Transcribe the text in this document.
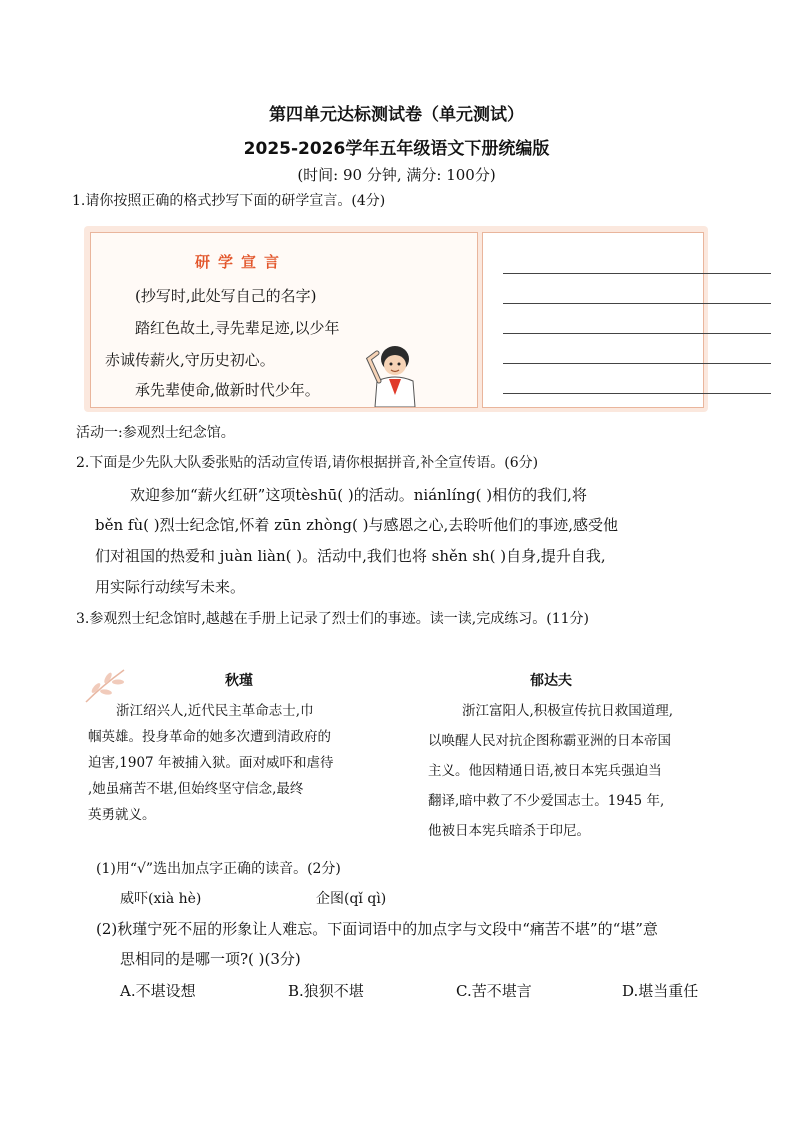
第四单元达标测试卷（单元测试）
2025-2026学年五年级语文下册统编版
(时间: 90 分钟, 满分: 100分)
1.请你按照正确的格式抄写下面的研学宣言。(4分)
研学宣言
(抄写时,此处写自己的名字)
踏红色故土,寻先辈足迹,以少年
赤诚传薪火,守历史初心。
承先辈使命,做新时代少年。
活动一:参观烈士纪念馆。
2.下面是少先队大队委张贴的活动宣传语,请你根据拼音,补全宣传语。(6分)
欢迎参加“薪火红研”这项tèshū( )的活动。niánlíng( )相仿的我们,将
běn fù( )烈士纪念馆,怀着 zūn zhòng( )与感恩之心,去聆听他们的事迹,感受他
们对祖国的热爱和 juàn liàn( )。活动中,我们也将 shěn sh( )自身,提升自我,
用实际行动续写未来。
3.参观烈士纪念馆时,越越在手册上记录了烈士们的事迹。读一读,完成练习。(11分)
秋瑾	郁达夫
浙江绍兴人,近代民主革命志士,巾
帼英雄。投身革命的她多次遭到清政府的
迫害,1907 年被捕入狱。面对威吓和虐待
,她虽痛苦不堪,但始终坚守信念,最终
英勇就义。
浙江富阳人,积极宣传抗日救国道理,
以唤醒人民对抗企图称霸亚洲的日本帝国
主义。他因精通日语,被日本宪兵强迫当
翻译,暗中救了不少爱国志士。1945 年,
他被日本宪兵暗杀于印尼。
(1)用“√”选出加点字正确的读音。(2分)
威吓(xià hè)	企图(qǐ qì)
(2)秋瑾宁死不屈的形象让人难忘。下面词语中的加点字与文段中“痛苦不堪”的“堪”意
思相同的是哪一项?( )(3分)
A.不堪设想	B.狼狈不堪	C.苦不堪言	D.堪当重任
